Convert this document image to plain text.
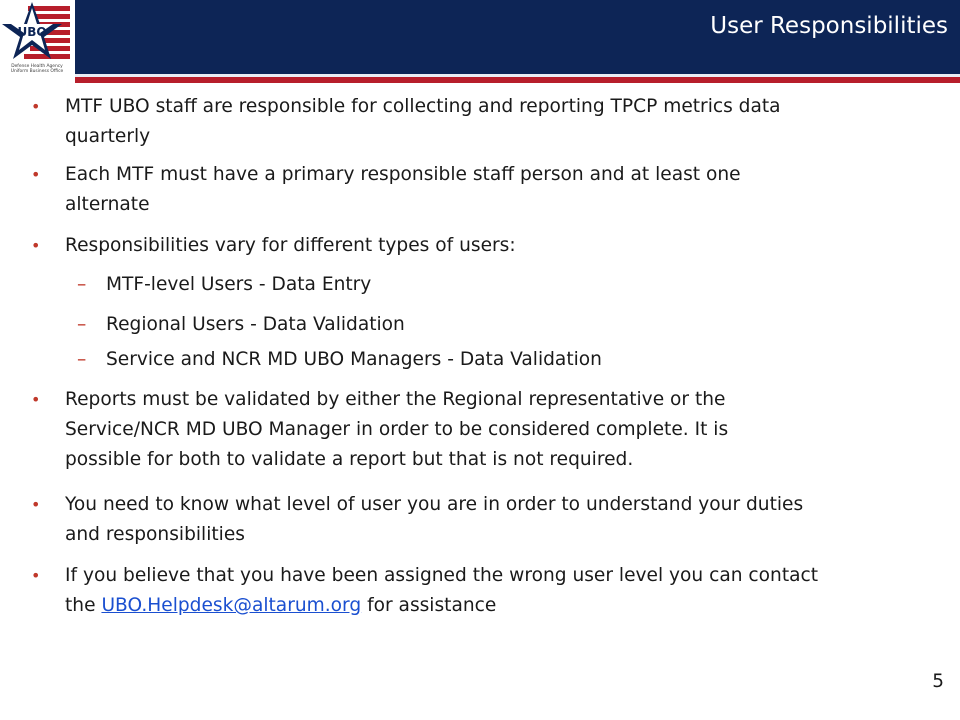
User Responsibilities
UBO
Defense Health Agency
Uniform Business Office
• MTF UBO staff are responsible for collecting and reporting TPCP metrics data
quarterly
• Each MTF must have a primary responsible staff person and at least one
alternate
• Responsibilities vary for different types of users:
– MTF-level Users - Data Entry
– Regional Users - Data Validation
– Service and NCR MD UBO Managers - Data Validation
• Reports must be validated by either the Regional representative or the
Service/NCR MD UBO Manager in order to be considered complete. It is
possible for both to validate a report but that is not required.
• You need to know what level of user you are in order to understand your duties
and responsibilities
• If you believe that you have been assigned the wrong user level you can contact
the UBO.Helpdesk@altarum.org for assistance
5
